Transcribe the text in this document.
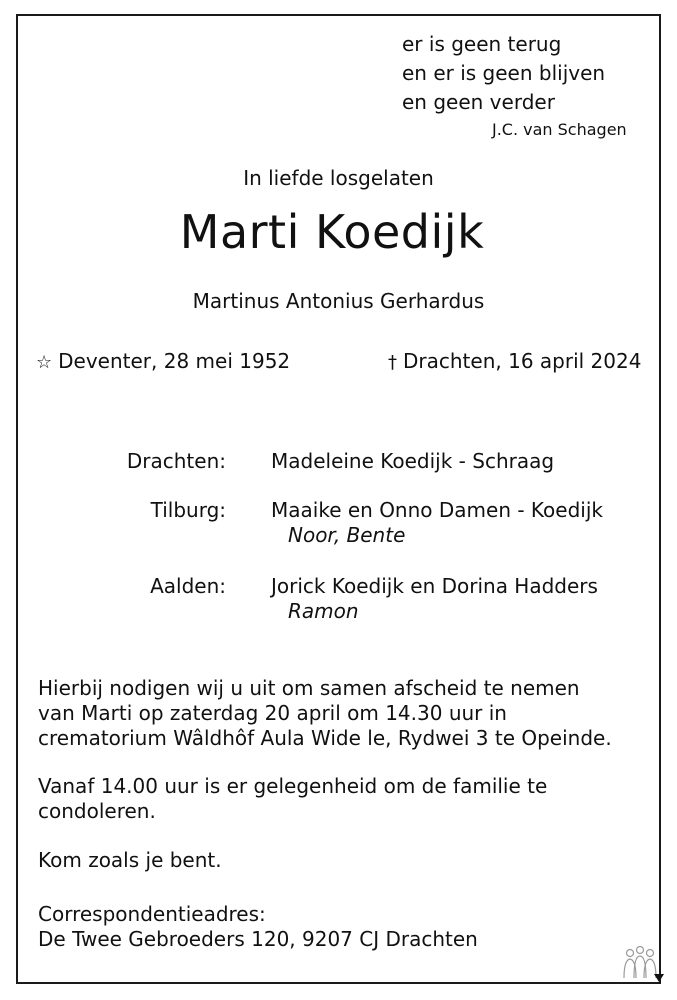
er is geen terug
en er is geen blijven
en geen verder
J.C. van Schagen
In liefde losgelaten
Marti Koedijk
Martinus Antonius Gerhardus
☆ Deventer, 28 mei 1952	† Drachten, 16 april 2024
Drachten: Madeleine Koedijk - Schraag
Tilburg: Maaike en Onno Damen - Koedijk
Noor, Bente
Aalden: Jorick Koedijk en Dorina Hadders
Ramon
Hierbij nodigen wij u uit om samen afscheid te nemen
van Marti op zaterdag 20 april om 14.30 uur in
crematorium Wâldhôf Aula Wide le, Rydwei 3 te Opeinde.
Vanaf 14.00 uur is er gelegenheid om de familie te
condoleren.
Kom zoals je bent.
Correspondentieadres:
De Twee Gebroeders 120, 9207 CJ Drachten
